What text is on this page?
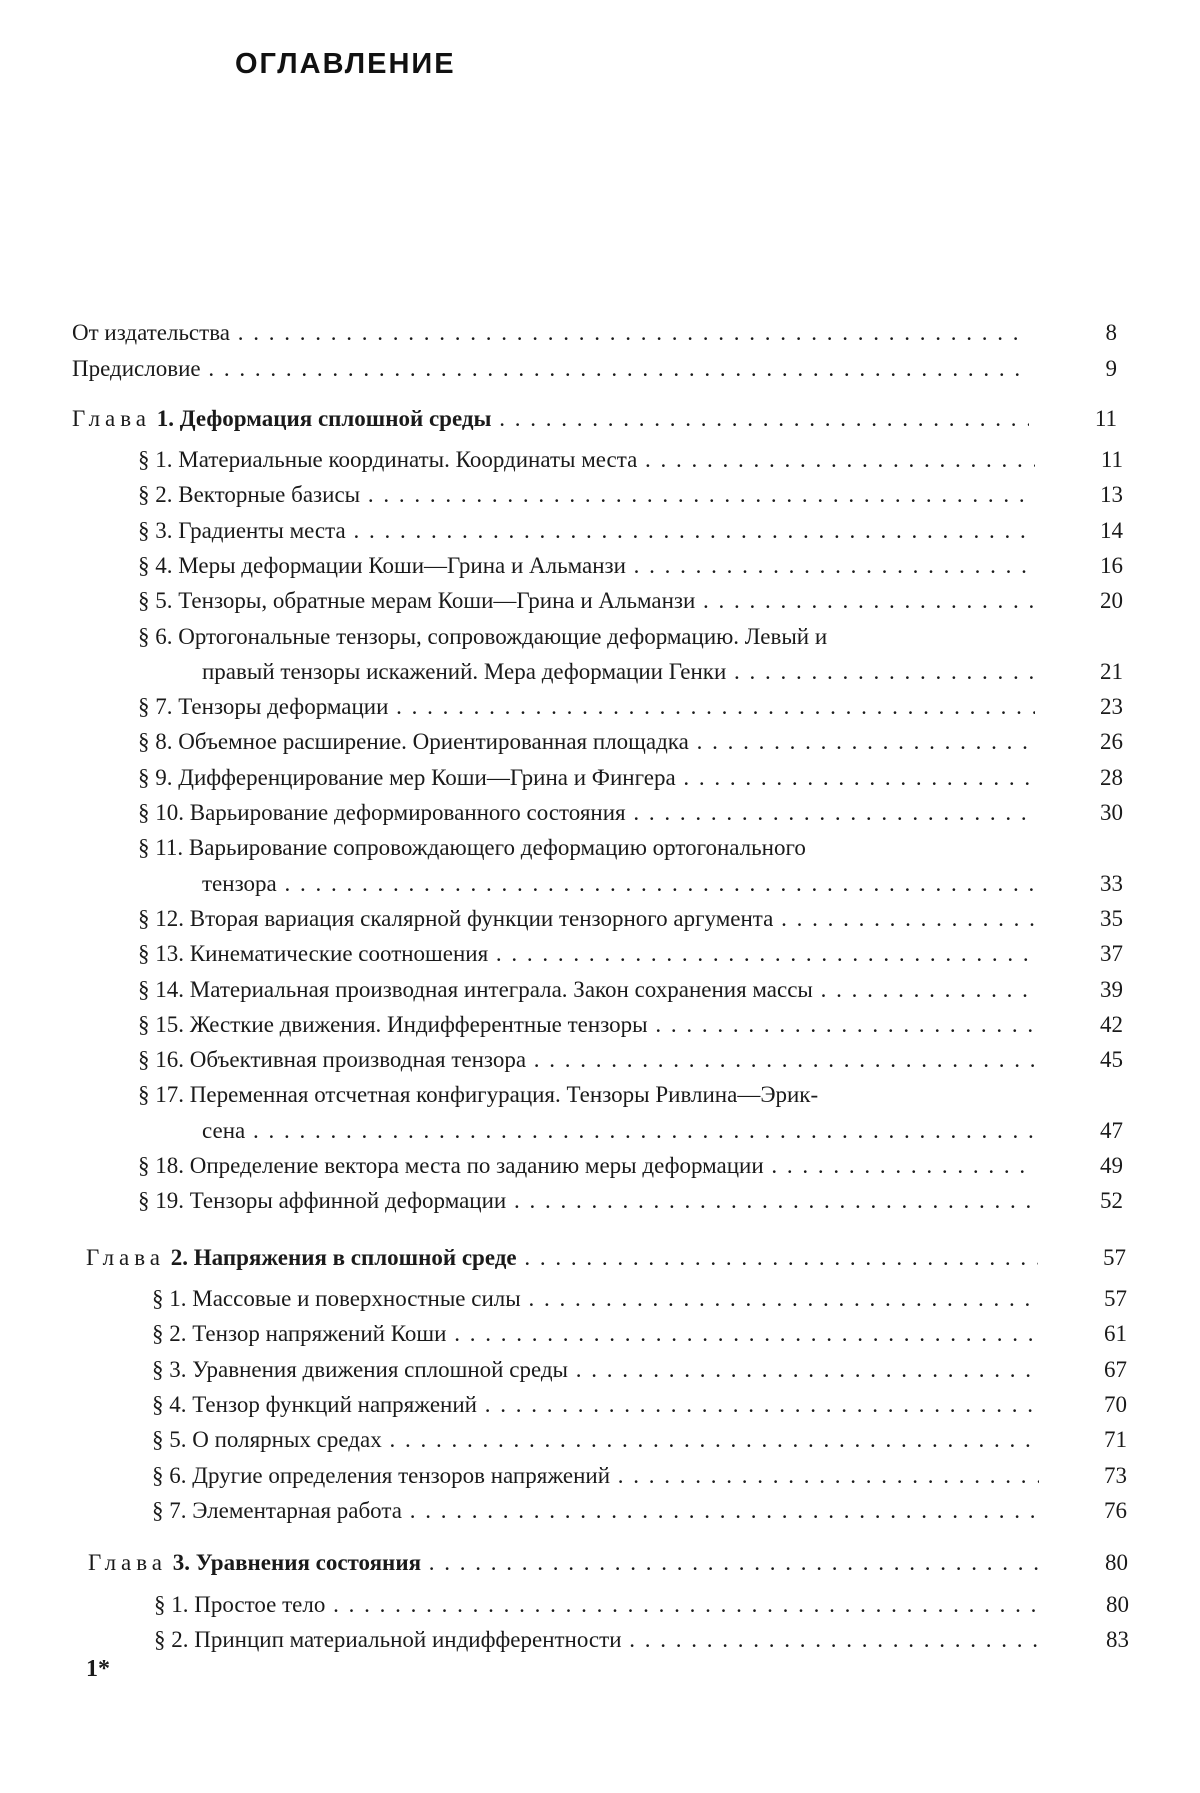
ОГЛАВЛЕНИЕ
От издательства . . .	8
Предисловие . . .	9
Глава 1. Деформация сплошной среды . . .	11
§ 1. Материальные координаты. Координаты места . . .	11
§ 2. Векторные базисы . . .	13
§ 3. Градиенты места . . .	14
§ 4. Меры деформации Коши—Грина и Альманзи . . .	16
§ 5. Тензоры, обратные мерам Коши—Грина и Альманзи . . .	20
§ 6. Ортогональные тензоры, сопровождающие деформацию. Левый и
правый тензоры искажений. Мера деформации Генки . . .	21
§ 7. Тензоры деформации . . .	23
§ 8. Объемное расширение. Ориентированная площадка . . .	26
§ 9. Дифференцирование мер Коши—Грина и Фингера . . .	28
§ 10. Варьирование деформированного состояния . . .	30
§ 11. Варьирование сопровождающего деформацию ортогонального
тензора . . .	33
§ 12. Вторая вариация скалярной функции тензорного аргумента . . .	35
§ 13. Кинематические соотношения . . .	37
§ 14. Материальная производная интеграла. Закон сохранения массы . . .	39
§ 15. Жесткие движения. Индифферентные тензоры . . .	42
§ 16. Объективная производная тензора . . .	45
§ 17. Переменная отсчетная конфигурация. Тензоры Ривлина—Эрик-
сена . . .	47
§ 18. Определение вектора места по заданию меры деформации . . .	49
§ 19. Тензоры аффинной деформации . . .	52
Глава 2. Напряжения в сплошной среде . . .	57
§ 1. Массовые и поверхностные силы . . .	57
§ 2. Тензор напряжений Коши . . .	61
§ 3. Уравнения движения сплошной среды . . .	67
§ 4. Тензор функций напряжений . . .	70
§ 5. О полярных средах . . .	71
§ 6. Другие определения тензоров напряжений . . .	73
§ 7. Элементарная работа . . .	76
Глава 3. Уравнения состояния . . .	80
§ 1. Простое тело . . .	80
§ 2. Принцип материальной индифферентности . . .	83
1*
